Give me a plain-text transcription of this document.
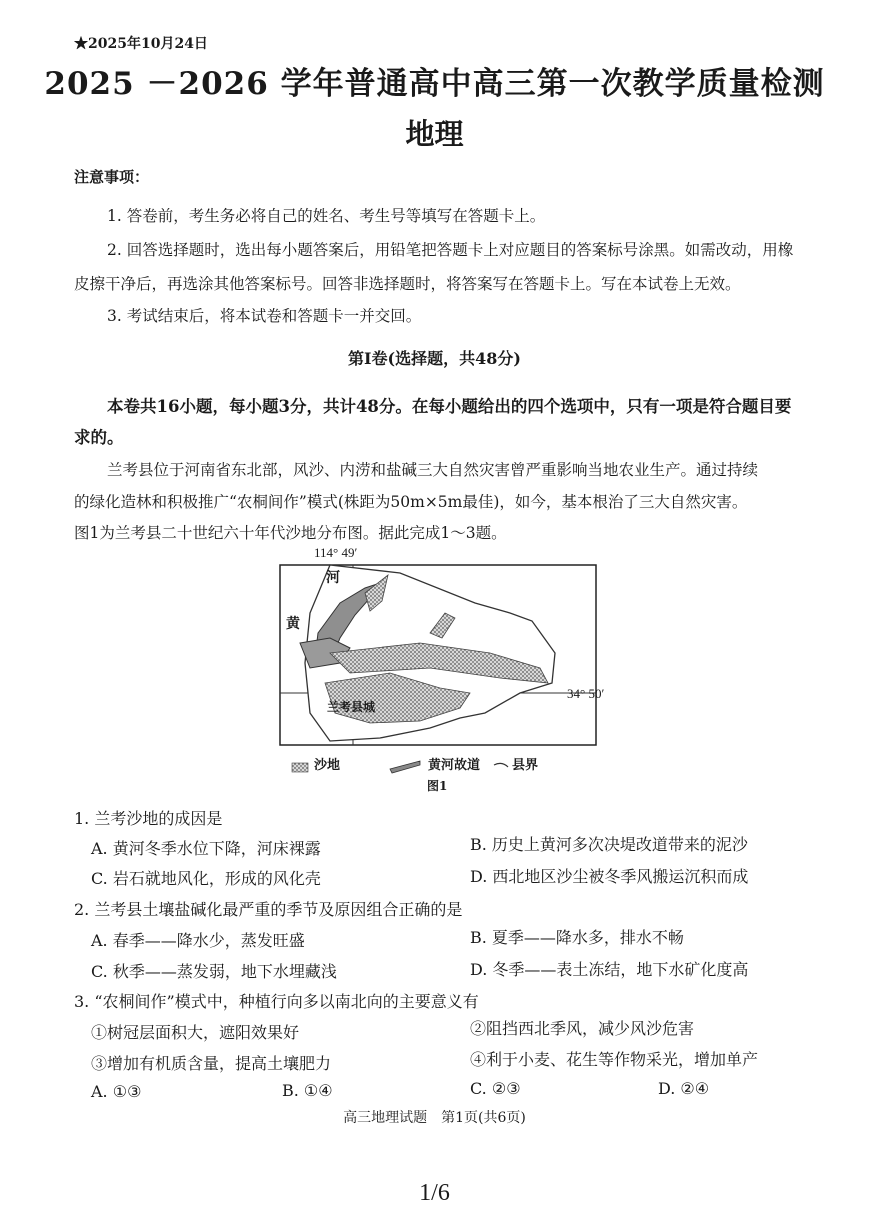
★2025年10月24日
2025 －2026 学年普通高中高三第一次教学质量检测
地理
注意事项：
1. 答卷前，考生务必将自己的姓名、考生号等填写在答题卡上。
2. 回答选择题时，选出每小题答案后，用铅笔把答题卡上对应题目的答案标号涂黑。如需改动，用橡
皮擦干净后，再选涂其他答案标号。回答非选择题时，将答案写在答题卡上。写在本试卷上无效。
3. 考试结束后，将本试卷和答题卡一并交回。
第Ⅰ卷(选择题，共48分)
本卷共16小题，每小题3分，共计48分。在每小题给出的四个选项中，只有一项是符合题目要
求的。
兰考县位于河南省东北部，风沙、内涝和盐碱三大自然灾害曾严重影响当地农业生产。通过持续
的绿化造林和积极推广“农桐间作”模式(株距为50m×5m最佳)，如今，基本根治了三大自然灾害。
图1为兰考县二十世纪六十年代沙地分布图。据此完成1～3题。
114° 49′
34° 50′
河
黄
兰考县城
沙地	黄河故道 县界
图1
1. 兰考沙地的成因是
A. 黄河冬季水位下降，河床裸露	B. 历史上黄河多次决堤改道带来的泥沙
C. 岩石就地风化，形成的风化壳	D. 西北地区沙尘被冬季风搬运沉积而成
2. 兰考县土壤盐碱化最严重的季节及原因组合正确的是
A. 春季——降水少，蒸发旺盛	B. 夏季——降水多，排水不畅
C. 秋季——蒸发弱，地下水埋藏浅	D. 冬季——表土冻结，地下水矿化度高
3. “农桐间作”模式中，种植行向多以南北向的主要意义有
①树冠层面积大，遮阳效果好	②阻挡西北季风，减少风沙危害
③增加有机质含量，提高土壤肥力	④利于小麦、花生等作物采光，增加单产
A. ①③	B. ①④	C. ②③	D. ②④
高三地理试题　第1页(共6页)
1/6
